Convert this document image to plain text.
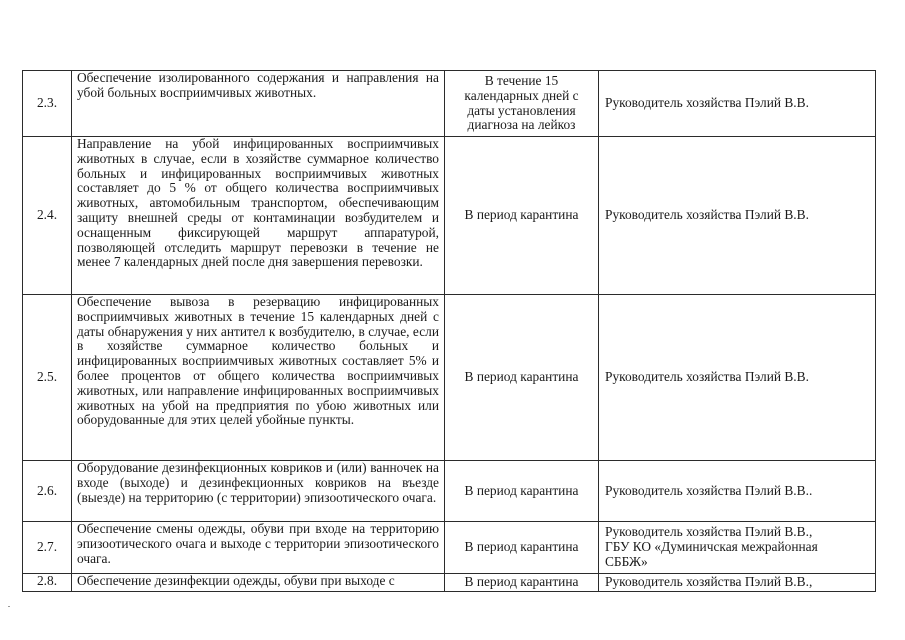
2.3.	Обеспечение изолированного содержания и направления на убой больных восприимчивых животных.	В течение 15
календарных дней с
даты установления
диагноза на лейкоз	Руководитель хозяйства Пэлий В.В.

2.4.	Направление на убой инфицированных восприимчивых животных в случае, если в хозяйстве суммарное количество больных и инфицированных восприимчивых животных составляет до 5 % от общего количества восприимчивых животных, автомобильным транспортом, обеспечивающим защиту внешней среды от контаминации возбудителем и оснащенным фиксирующей маршрут аппаратурой, позволяющей отследить маршрут перевозки в течение не менее 7 календарных дней после дня завершения перевозки.	В период карантина	Руководитель хозяйства Пэлий В.В.

2.5.	Обеспечение вывоза в резервацию инфицированных восприимчивых животных в течение 15 календарных дней с даты обнаружения у них антител к возбудителю, в случае, если в хозяйстве суммарное количество больных и инфицированных восприимчивых животных составляет 5% и более процентов от общего количества восприимчивых животных, или направление инфицированных восприимчивых животных на убой на предприятия по убою животных или оборудованные для этих целей убойные пункты.	В период карантина	Руководитель хозяйства Пэлий В.В.

2.6.	Оборудование дезинфекционных ковриков и (или) ванночек на входе (выходе) и дезинфекционных ковриков на въезде (выезде) на территорию (с территории) эпизоотического очага.	В период карантина	Руководитель хозяйства Пэлий В.В..

2.7.	Обеспечение смены одежды, обуви при входе на территорию эпизоотического очага и выходе с территории эпизоотического очага.	В период карантина	Руководитель хозяйства Пэлий В.В.,
ГБУ КО «Думиничская межрайонная
СББЖ»

2.8.	Обеспечение дезинфекции одежды, обуви при выходе с	В период карантина	Руководитель хозяйства Пэлий В.В.,
